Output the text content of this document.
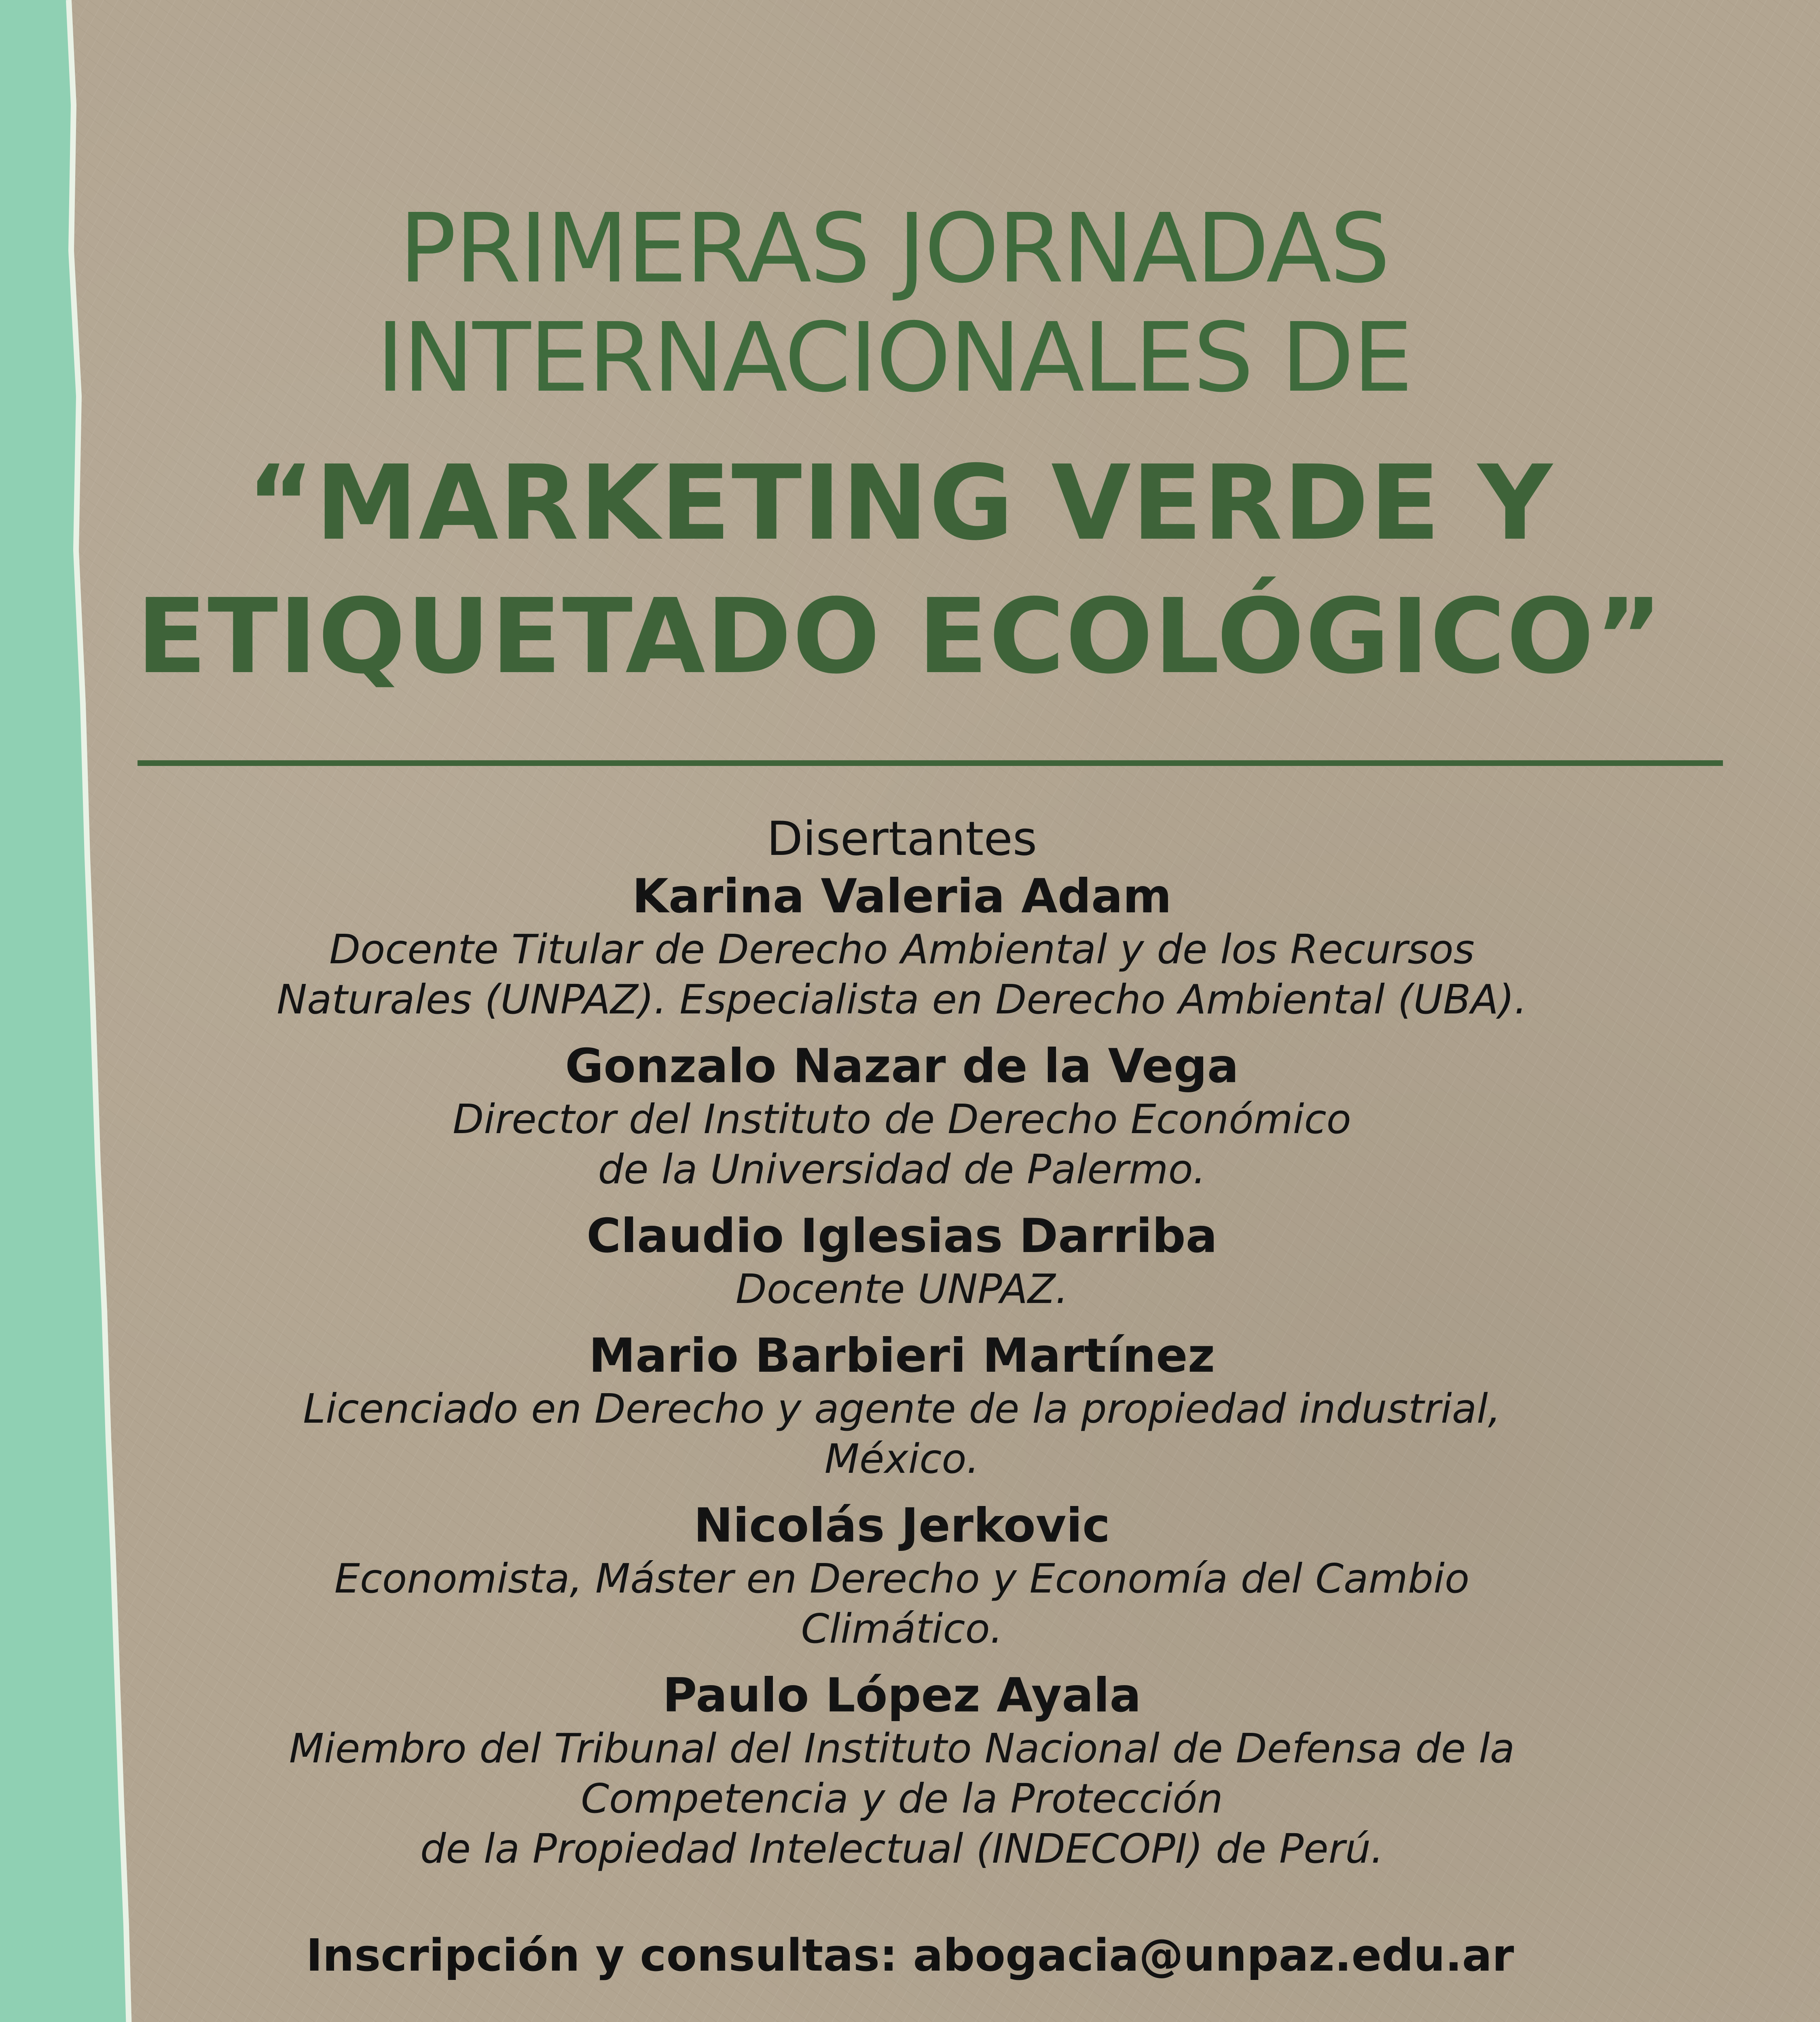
PRIMERAS JORNADAS
INTERNACIONALES DE
“MARKETING VERDE Y
ETIQUETADO ECOLÓGICO”
Disertantes
Karina Valeria Adam
Docente Titular de Derecho Ambiental y de los Recursos
Naturales (UNPAZ). Especialista en Derecho Ambiental (UBA).
Gonzalo Nazar de la Vega
Director del Instituto de Derecho Económico
de la Universidad de Palermo.
Claudio Iglesias Darriba
Docente UNPAZ.
Mario Barbieri Martínez
Licenciado en Derecho y agente de la propiedad industrial,
México.
Nicolás Jerkovic
Economista, Máster en Derecho y Economía del Cambio
Climático.
Paulo López Ayala
Miembro del Tribunal del Instituto Nacional de Defensa de la
Competencia y de la Protección
de la Propiedad Intelectual (INDECOPI) de Perú.
Inscripción y consultas: abogacia@unpaz.edu.ar
